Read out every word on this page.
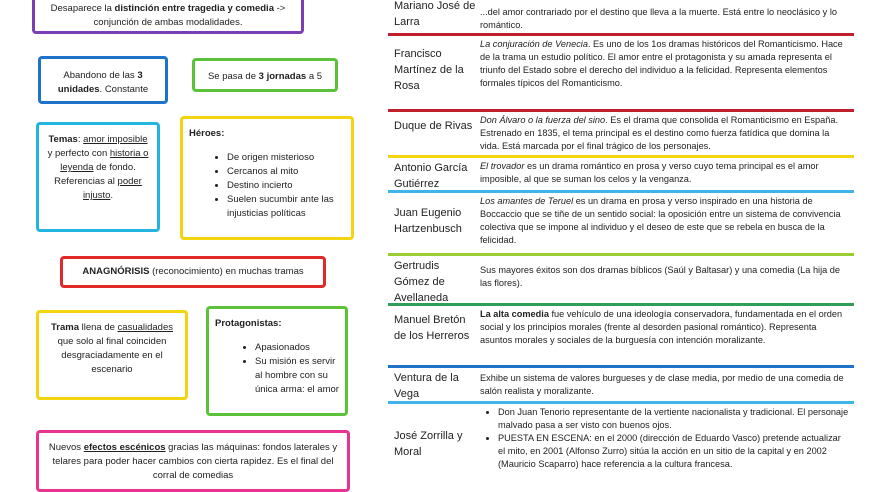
Desaparece la distinción entre tragedia y comedia -> conjunción de ambas modalidades.
Abandono de las 3 unidades. Constante
Se pasa de 3 jornadas a 5
Temas: amor imposible y perfecto con historia o leyenda de fondo. Referencias al poder injusto.
Héroes:
• De origen misterioso
• Cercanos al mito
• Destino incierto
• Suelen sucumbir ante las injusticias políticas
ANAGNÓRISIS (reconocimiento) en muchas tramas
Trama llena de casualidades que solo al final coinciden desgraciadamente en el escenario
Protagonistas:
• Apasionados
• Su misión es servir al hombre con su única arma: el amor
Nuevos efectos escénicos gracias las máquinas: fondos laterales y telares para poder hacer cambios con cierta rapidez. Es el final del corral de comedias
Mariano José de Larra
...del amor contrariado por el destino que lleva a la muerte. Está entre lo neoclásico y lo romántico.
Francisco Martínez de la Rosa
La conjuración de Venecia. Es uno de los 1os dramas históricos del Romanticismo. Hace de la trama un estudio político. El amor entre el protagonista y su amada representa el triunfo del Estado sobre el derecho del individuo a la felicidad. Representa elementos formales típicos del Romanticismo.
Duque de Rivas Don Álvaro o la fuerza del sino. Es el drama que consolida el Romanticismo en España. Estrenado en 1835, el tema principal es el destino como fuerza fatídica que domina la vida. Está marcada por el final trágico de los personajes.
Antonio García Gutiérrez
El trovador es un drama romántico en prosa y verso cuyo tema principal es el amor imposible, al que se suman los celos y la venganza.
Juan Eugenio Hartzenbusch
Los amantes de Teruel es un drama en prosa y verso inspirado en una historia de Boccaccio que se tiñe de un sentido social: la oposición entre un sistema de convivencia colectiva que se impone al individuo y el deseo de este que se rebela en busca de la felicidad.
Gertrudis Gómez de Avellaneda
Sus mayores éxitos son dos dramas bíblicos (Saúl y Baltasar) y una comedia (La hija de las flores).
Manuel Bretón de los Herreros
La alta comedia fue vehículo de una ideología conservadora, fundamentada en el orden social y los principios morales (frente al desorden pasional romántico). Representa asuntos morales y sociales de la burguesía con intención moralizante.
Ventura de la Vega
Exhibe un sistema de valores burgueses y de clase media, por medio de una comedia de salón realista y moralizante.
José Zorrilla y Moral
• Don Juan Tenorio representante de la vertiente nacionalista y tradicional. El personaje malvado pasa a ser visto con buenos ojos.
• PUESTA EN ESCENA: en el 2000 (dirección de Eduardo Vasco) pretende actualizar el mito, en 2001 (Alfonso Zurro) sitúa la acción en un sitio de la capital y en 2002 (Mauricio Scaparro) hace referencia a la cultura francesa.
